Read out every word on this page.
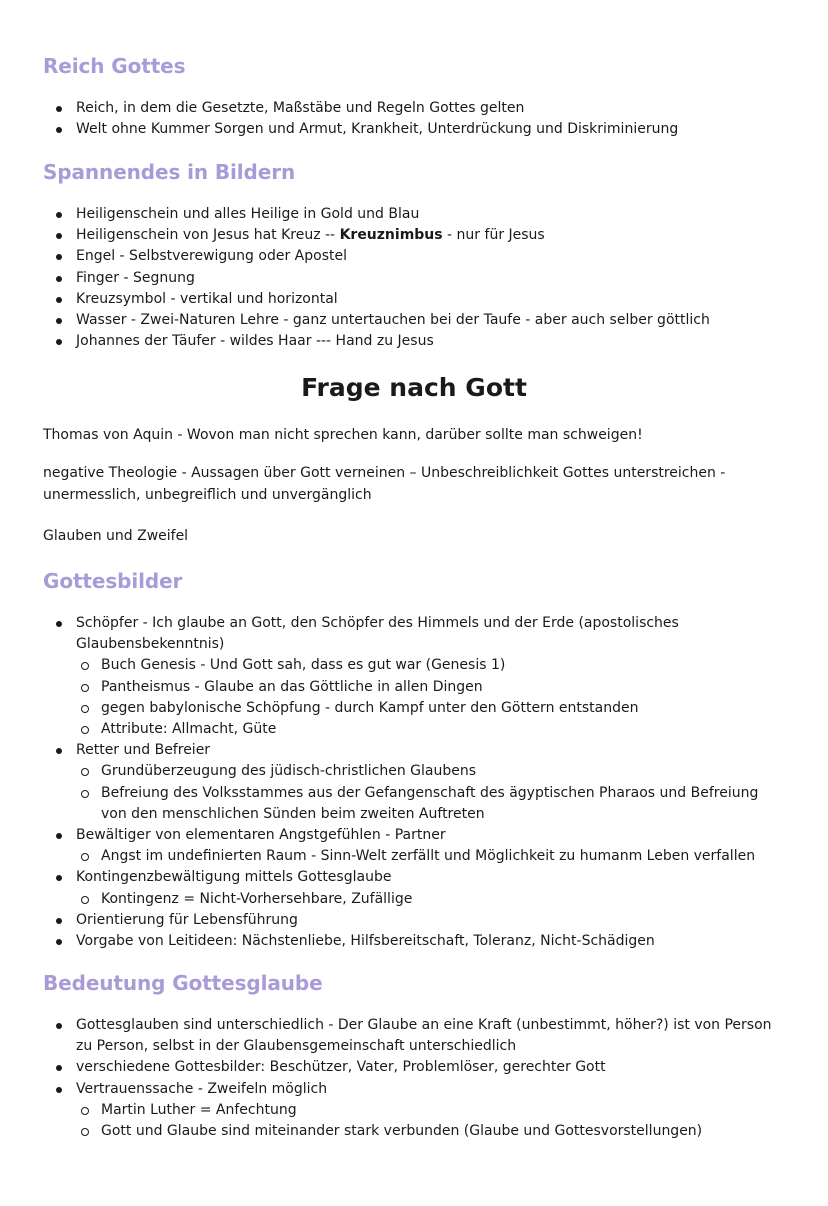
Reich Gottes
Reich, in dem die Gesetzte, Maßstäbe und Regeln Gottes gelten
Welt ohne Kummer Sorgen und Armut, Krankheit, Unterdrückung und Diskriminierung
Spannendes in Bildern
Heiligenschein und alles Heilige in Gold und Blau
Heiligenschein von Jesus hat Kreuz -- Kreuznimbus - nur für Jesus
Engel - Selbstverewigung oder Apostel
Finger - Segnung
Kreuzsymbol - vertikal und horizontal
Wasser - Zwei-Naturen Lehre - ganz untertauchen bei der Taufe - aber auch selber göttlich
Johannes der Täufer - wildes Haar --- Hand zu Jesus
Frage nach Gott

Thomas von Aquin - Wovon man nicht sprechen kann, darüber sollte man schweigen!

negative Theologie - Aussagen über Gott verneinen – Unbeschreiblichkeit Gottes unterstreichen - unermesslich, unbegreiflich und unvergänglich

Glauben und Zweifel

Gottesbilder
Schöpfer - Ich glaube an Gott, den Schöpfer des Himmels und der Erde (apostolisches Glaubensbekenntnis)
Buch Genesis - Und Gott sah, dass es gut war (Genesis 1)
Pantheismus - Glaube an das Göttliche in allen Dingen
gegen babylonische Schöpfung - durch Kampf unter den Göttern entstanden
Attribute: Allmacht, Güte
Retter und Befreier
Grundüberzeugung des jüdisch-christlichen Glaubens
Befreiung des Volksstammes aus der Gefangenschaft des ägyptischen Pharaos und Befreiung von den menschlichen Sünden beim zweiten Auftreten
Bewältiger von elementaren Angstgefühlen - Partner
Angst im undefinierten Raum - Sinn-Welt zerfällt und Möglichkeit zu humanm Leben verfallen
Kontingenzbewältigung mittels Gottesglaube
Kontingenz = Nicht-Vorhersehbare, Zufällige
Orientierung für Lebensführung
Vorgabe von Leitideen: Nächstenliebe, Hilfsbereitschaft, Toleranz, Nicht-Schädigen
Bedeutung Gottesglaube
Gottesglauben sind unterschiedlich - Der Glaube an eine Kraft (unbestimmt, höher?) ist von Person zu Person, selbst in der Glaubensgemeinschaft unterschiedlich
verschiedene Gottesbilder: Beschützer, Vater, Problemlöser, gerechter Gott
Vertrauenssache - Zweifeln möglich
Martin Luther = Anfechtung
Gott und Glaube sind miteinander stark verbunden (Glaube und Gottesvorstellungen)
